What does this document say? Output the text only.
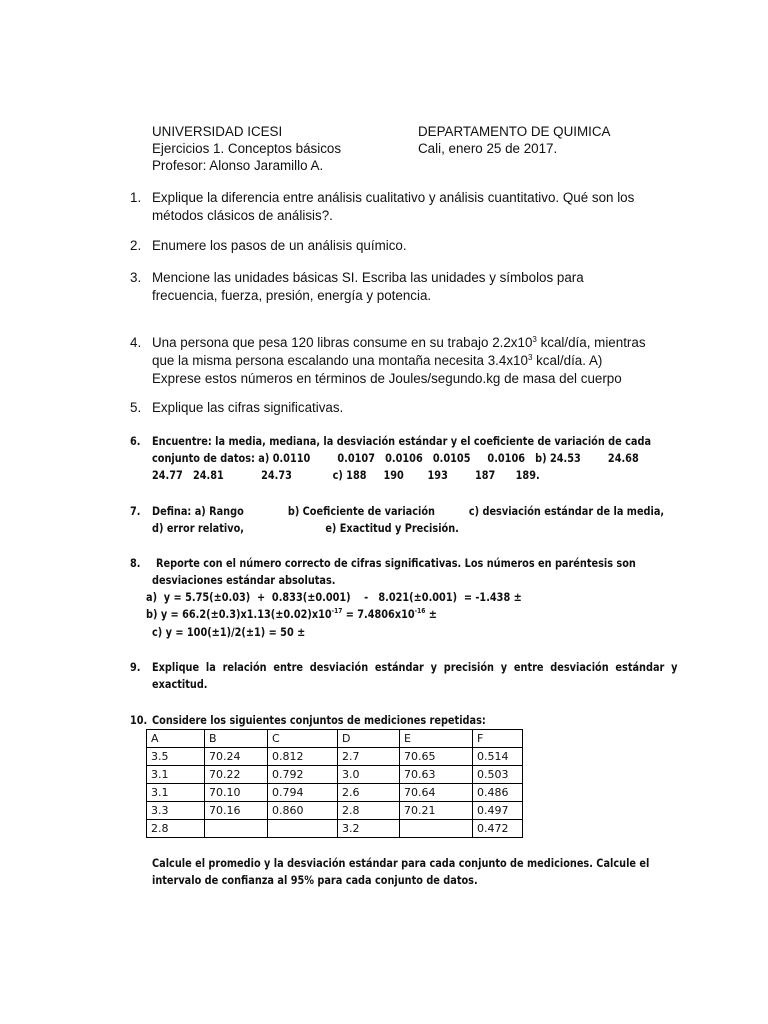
UNIVERSIDAD ICESI	DEPARTAMENTO DE QUIMICA
Ejercicios 1. Conceptos básicos	Cali, enero 25 de 2017.
Profesor: Alonso Jaramillo A.
1. Explique la diferencia entre análisis cualitativo y análisis cuantitativo. Qué son los
métodos clásicos de análisis?.
2. Enumere los pasos de un análisis químico.
3. Mencione las unidades básicas SI. Escriba las unidades y símbolos para
frecuencia, fuerza, presión, energía y potencia.
4. Una persona que pesa 120 libras consume en su trabajo $2.2x10^3$ kcal/día, mientras
que la misma persona escalando una montaña necesita $3.4x10^3$ kcal/día. A)
Exprese estos números en términos de Joules/segundo.kg de masa del cuerpo
5. Explique las cifras significativas.
6. Encuentre: la media, mediana, la desviación estándar y el coeficiente de variación de cada
conjunto de datos: a) 0.0110        0.0107   0.0106   0.0105     0.0106   b) 24.53        24.68
24.77   24.81           24.73            c) 188     190       193        187      189.
7. Defina: a) Rango             b) Coeficiente de variación          c) desviación estándar de la media,
d) error relativo,                        e) Exactitud y Precisión.
8. Reporte con el número correcto de cifras significativas. Los números en paréntesis son
desviaciones estándar absolutas.
a)  y = 5.75(±0.03)  +  0.833(±0.001)    -   8.021(±0.001)  = -1.438 ±
b) $y = 66.2(\pm 0.3)x1.13(\pm 0.02)x10^{-17} = 7.4806x10^{-16}$ ±
c) y = 100(±1)/2(±1) = 50 ±
9. Explique  la  relación  entre  desviación  estándar  y  precisión  y  entre  desviación  estándar  y
exactitud.
10. Considere los siguientes conjuntos de mediciones repetidas:
A	B	C	D	E	F
3.5	70.24	0.812	2.7	70.65	0.514
3.1	70.22	0.792	3.0	70.63	0.503
3.1	70.10	0.794	2.6	70.64	0.486
3.3	70.16	0.860	2.8	70.21	0.497
2.8			3.2		0.472
Calcule el promedio y la desviación estándar para cada conjunto de mediciones. Calcule el
intervalo de confianza al 95% para cada conjunto de datos.
